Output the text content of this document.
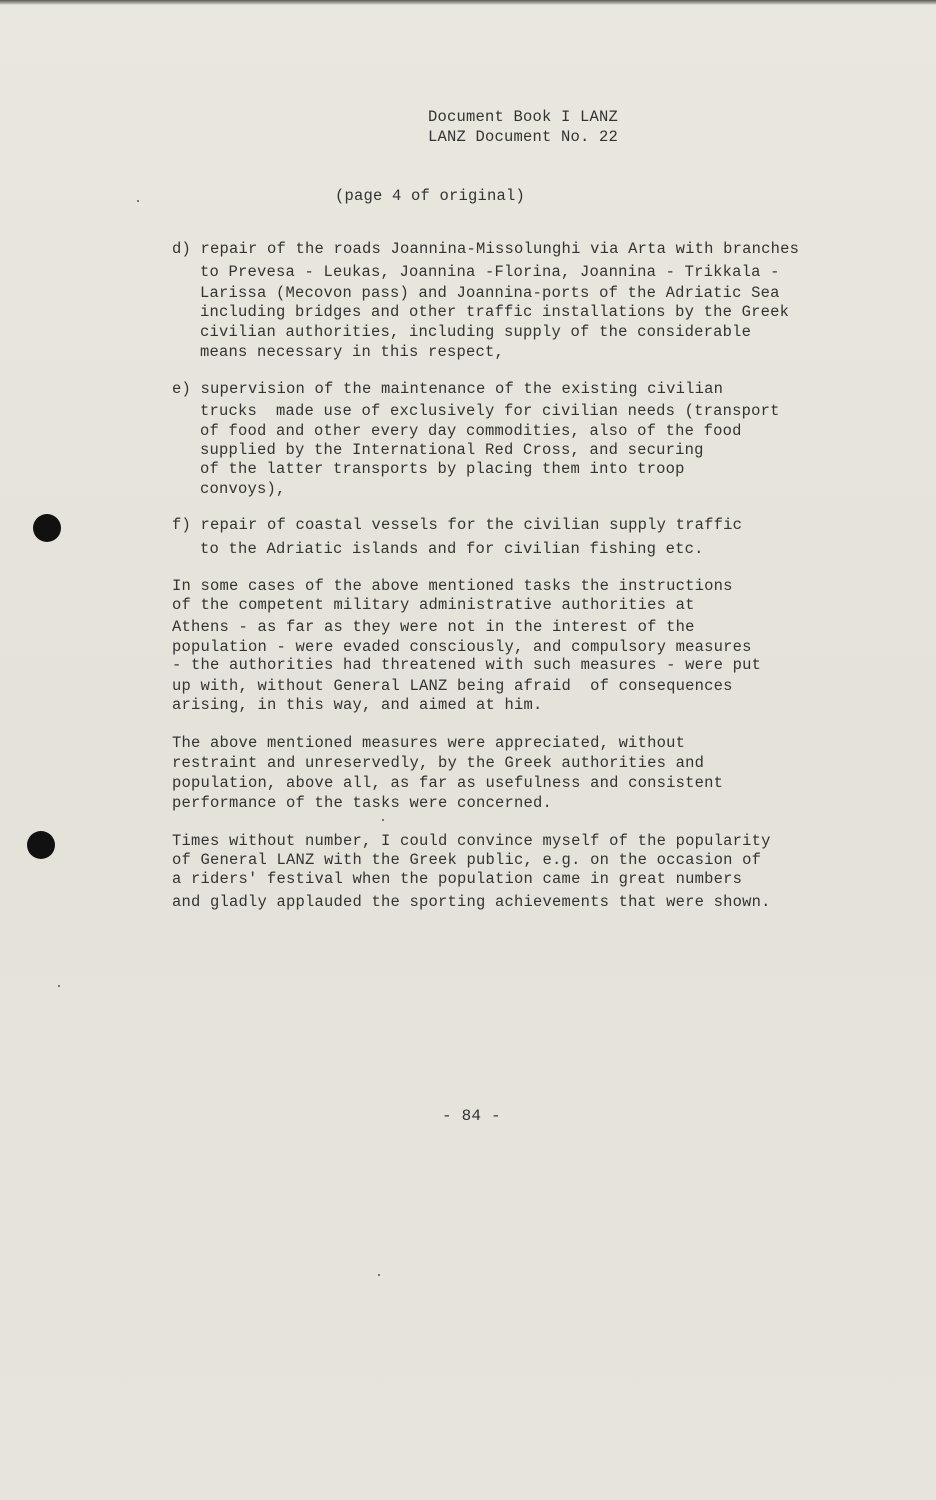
Document Book I LANZ
LANZ Document No. 22
(page 4 of original)
d) repair of the roads Joannina-Missolunghi via Arta with branches
to Prevesa - Leukas, Joannina -Florina, Joannina - Trikkala -
Larissa (Mecovon pass) and Joannina-ports of the Adriatic Sea
including bridges and other traffic installations by the Greek
civilian authorities, including supply of the considerable
means necessary in this respect,
e) supervision of the maintenance of the existing civilian
trucks  made use of exclusively for civilian needs (transport
of food and other every day commodities, also of the food
supplied by the International Red Cross, and securing
of the latter transports by placing them into troop
convoys),
f) repair of coastal vessels for the civilian supply traffic
to the Adriatic islands and for civilian fishing etc.
In some cases of the above mentioned tasks the instructions
of the competent military administrative authorities at
Athens - as far as they were not in the interest of the
population - were evaded consciously, and compulsory measures
- the authorities had threatened with such measures - were put
up with, without General LANZ being afraid  of consequences
arising, in this way, and aimed at him.
The above mentioned measures were appreciated, without
restraint and unreservedly, by the Greek authorities and
population, above all, as far as usefulness and consistent
performance of the tasks were concerned.
Times without number, I could convince myself of the popularity
of General LANZ with the Greek public, e.g. on the occasion of
a riders' festival when the population came in great numbers
and gladly applauded the sporting achievements that were shown.
- 84 -
